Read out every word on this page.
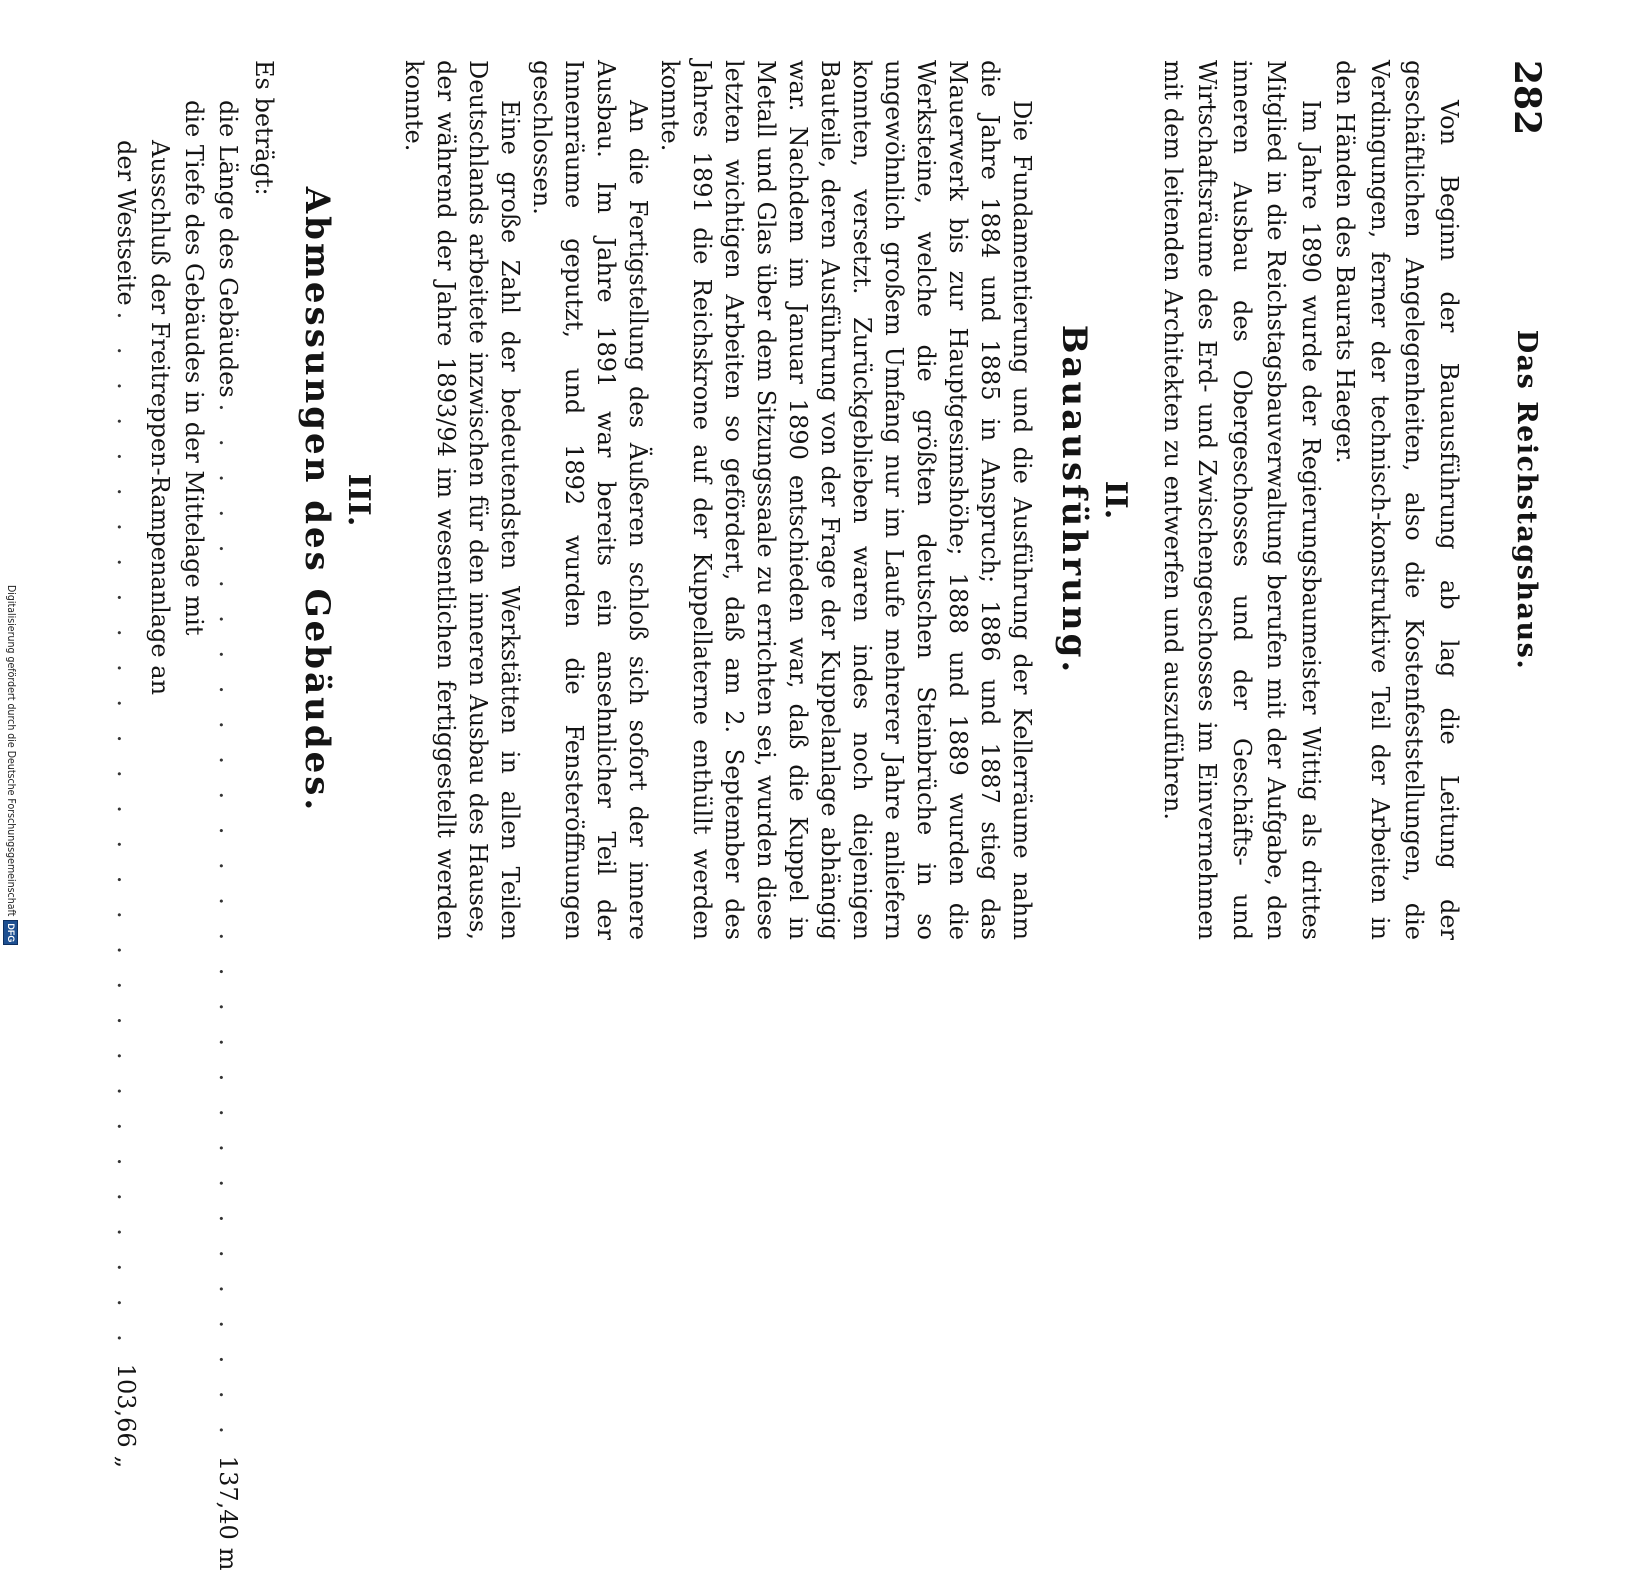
Digitalisierung gefördert durch die Deutsche Forschungsgemeinschaft
DFG
282
Das Reichstagshaus.

Von Beginn der Bauausführung ab lag die Leitung der geschäftlichen Angelegenheiten, also die Kostenfeststellungen, die Verdingungen, ferner der technisch-konstruktive Teil der Arbeiten in den Händen des Baurats Haeger.

Im Jahre 1890 wurde der Regierungsbaumeister Wittig als drittes Mitglied in die Reichstagsbauverwaltung berufen mit der Aufgabe, den inneren Ausbau des Obergeschosses und der Geschäfts- und Wirtschaftsräume des Erd- und Zwischengeschosses im Einvernehmen mit dem leitenden Architekten zu entwerfen und auszuführen.

II.
Bauausführung.

Die Fundamentierung und die Ausführung der Kellerräume nahm die Jahre 1884 und 1885 in Anspruch; 1886 und 1887 stieg das Mauerwerk bis zur Hauptgesimshöhe; 1888 und 1889 wurden die Werksteine, welche die größten deutschen Steinbrüche in so ungewöhnlich großem Umfang nur im Laufe mehrerer Jahre anliefern konnten, versetzt. Zurückgeblieben waren indes noch diejenigen Bauteile, deren Ausführung von der Frage der Kuppelanlage abhängig war. Nachdem im Januar 1890 entschieden war, daß die Kuppel in Metall und Glas über dem Sitzungssaale zu errichten sei, wurden diese letzten wichtigen Arbeiten so gefördert, daß am 2. September des Jahres 1891 die Reichskrone auf der Kuppellaterne enthüllt werden konnte.

An die Fertigstellung des Äußeren schloß sich sofort der innere Ausbau. Im Jahre 1891 war bereits ein ansehnlicher Teil der Innenräume geputzt, und 1892 wurden die Fensteröffnungen geschlossen.

Eine große Zahl der bedeutendsten Werkstätten in allen Teilen Deutschlands arbeitete inzwischen für den inneren Ausbau des Hauses, der während der Jahre 1893/94 im wesentlichen fertiggestellt werden konnte.

III.
Abmessungen des Gebäudes.
Es beträgt:
die Länge des Gebäudes
. . . . . . . . . . . . . . . . . . . . . . . . . . . . . .
137,40
m
die Tiefe des Gebäudes in der Mittelage mit
Ausschluß der Freitreppen-Rampenanlage an
der Westseite
. . . . . . . . . . . . . . . . . . . . . . . . . . . . . .
103,66
„
